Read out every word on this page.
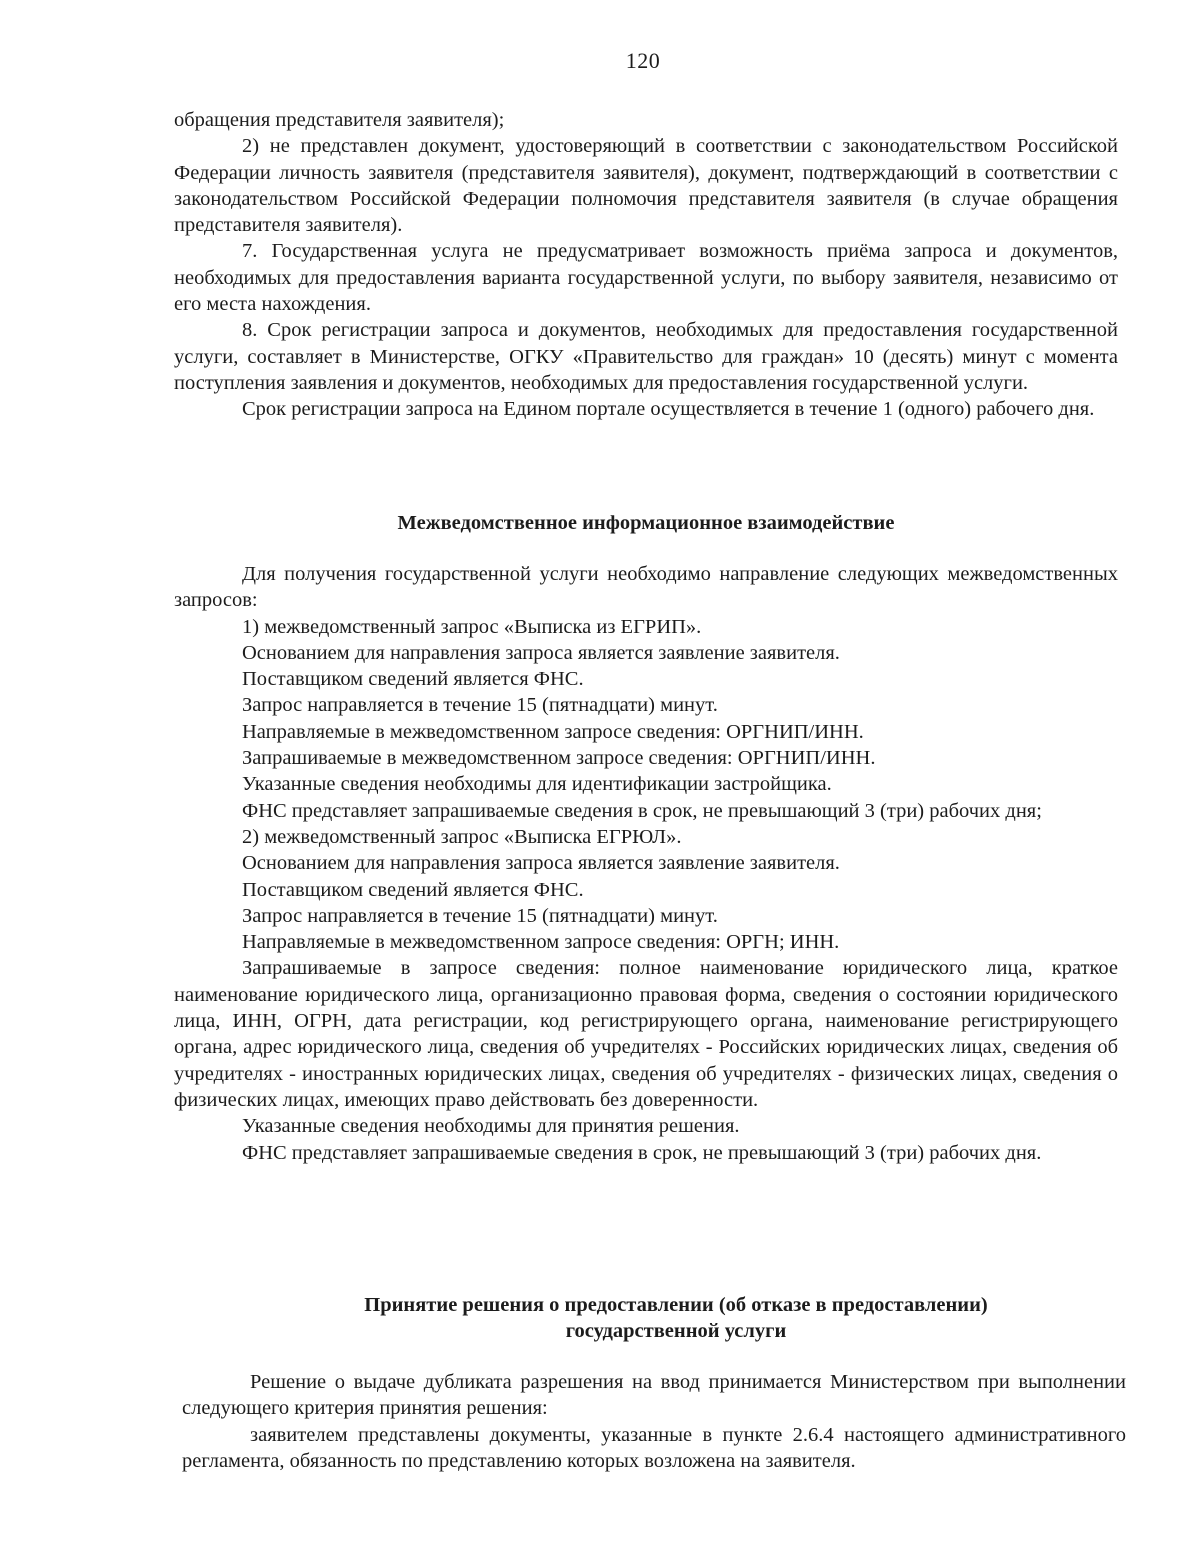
120

обращения представителя заявителя);

2) не представлен документ, удостоверяющий в соответствии с законодательством Российской Федерации личность заявителя (представителя заявителя), документ, подтверждающий в соответствии с законодательством Российской Федерации полномочия представителя заявителя (в случае обращения представителя заявителя).

7. Государственная услуга не предусматривает возможность приёма запроса и документов, необходимых для предоставления варианта государственной услуги, по выбору заявителя, независимо от его места нахождения.

8. Срок регистрации запроса и документов, необходимых для предоставления государственной услуги, составляет в Министерстве, ОГКУ «Правительство для граждан» 10 (десять) минут с момента поступления заявления и документов, необходимых для предоставления государственной услуги.

Срок регистрации запроса на Едином портале осуществляется в течение 1 (одного) рабочего дня.

Межведомственное информационное взаимодействие

Для получения государственной услуги необходимо направление следующих межведомственных запросов:

1) межведомственный запрос «Выписка из ЕГРИП».

Основанием для направления запроса является заявление заявителя.

Поставщиком сведений является ФНС.

Запрос направляется в течение 15 (пятнадцати) минут.

Направляемые в межведомственном запросе сведения: ОРГНИП/ИНН.

Запрашиваемые в межведомственном запросе сведения: ОРГНИП/ИНН.

Указанные сведения необходимы для идентификации застройщика.

ФНС представляет запрашиваемые сведения в срок, не превышающий 3 (три) рабочих дня;

2) межведомственный запрос «Выписка ЕГРЮЛ».

Основанием для направления запроса является заявление заявителя.

Поставщиком сведений является ФНС.

Запрос направляется в течение 15 (пятнадцати) минут.

Направляемые в межведомственном запросе сведения: ОРГН; ИНН.

Запрашиваемые в запросе сведения: полное наименование юридического лица, краткое наименование юридического лица, организационно правовая форма, сведения о состоянии юридического лица, ИНН, ОГРН, дата регистрации, код регистрирующего органа, наименование регистрирующего органа, адрес юридического лица, сведения об учредителях - Российских юридических лицах, сведения об учредителях - иностранных юридических лицах, сведения об учредителях - физических лицах, сведения о физических лицах, имеющих право действовать без доверенности.

Указанные сведения необходимы для принятия решения.

ФНС представляет запрашиваемые сведения в срок, не превышающий 3 (три) рабочих дня.

Принятие решения о предоставлении (об отказе в предоставлении)
государственной услуги

Решение о выдаче дубликата разрешения на ввод принимается Министерством при выполнении следующего критерия принятия решения:

заявителем представлены документы, указанные в пункте 2.6.4 настоящего административного регламента, обязанность по представлению которых возложена на заявителя.
